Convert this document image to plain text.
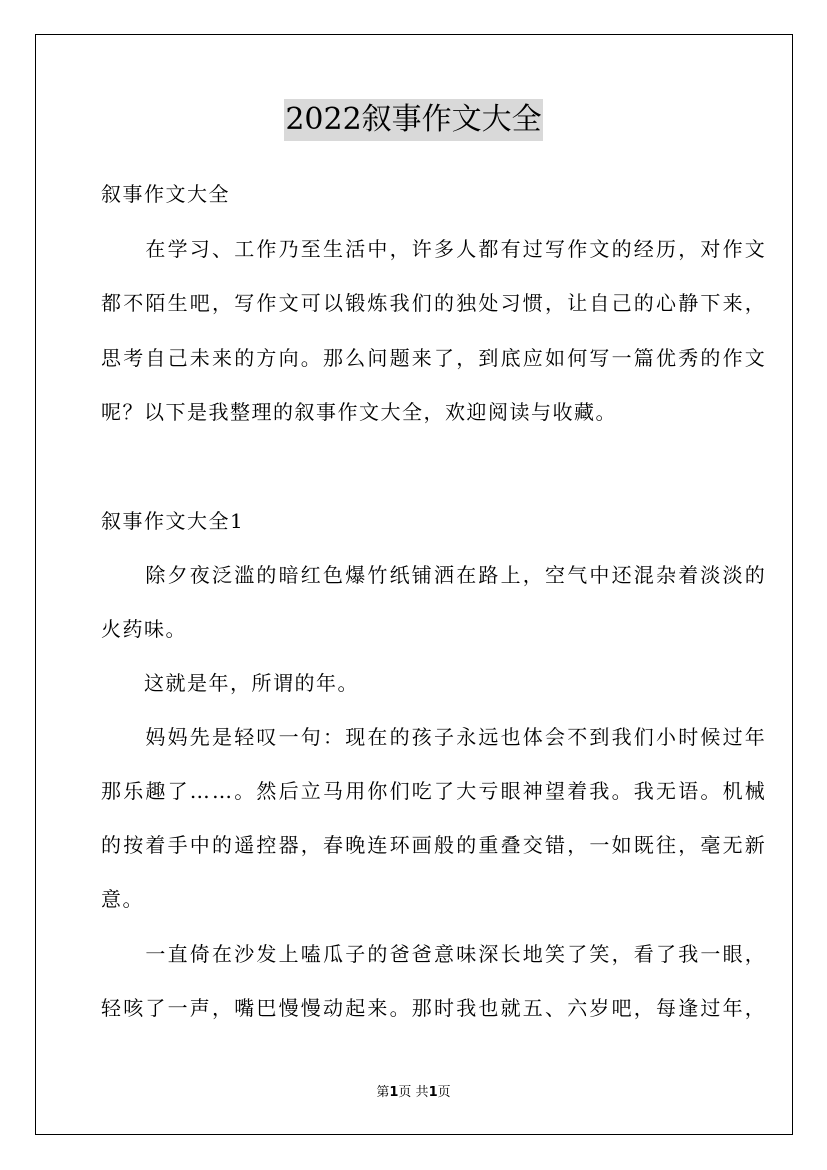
2022叙事作文大全
叙事作文大全
　　在学习、工作乃至生活中，许多人都有过写作文的经历，对作文
都不陌生吧，写作文可以锻炼我们的独处习惯，让自己的心静下来，
思考自己未来的方向。那么问题来了，到底应如何写一篇优秀的作文
呢？以下是我整理的叙事作文大全，欢迎阅读与收藏。
叙事作文大全1
　　除夕夜泛滥的暗红色爆竹纸铺洒在路上，空气中还混杂着淡淡的
火药味。
　　这就是年，所谓的年。
　　妈妈先是轻叹一句：现在的孩子永远也体会不到我们小时候过年
那乐趣了……。然后立马用你们吃了大亏眼神望着我。我无语。机械
的按着手中的遥控器，春晚连环画般的重叠交错，一如既往，毫无新
意。
　　一直倚在沙发上嗑瓜子的爸爸意味深长地笑了笑，看了我一眼，
轻咳了一声，嘴巴慢慢动起来。那时我也就五、六岁吧，每逢过年，
第1页 共1页
